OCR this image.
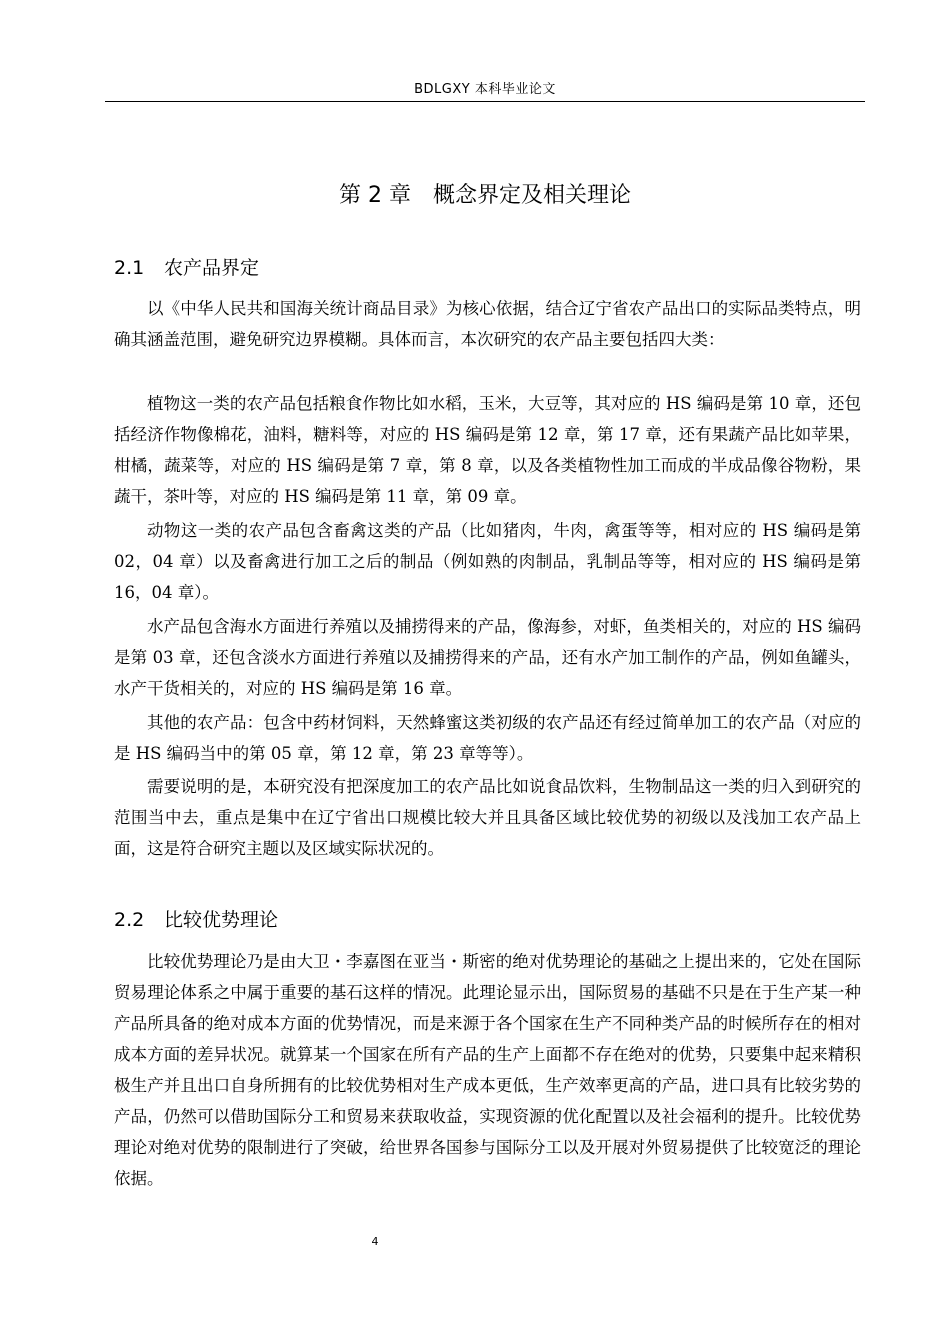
BDLGXY 本科毕业论文
第 2 章　概念界定及相关理论
2.1 农产品界定

以《中华人民共和国海关统计商品目录》为核心依据，结合辽宁省农产品出口的实际品类特点，明确其涵盖范围，避免研究边界模糊。具体而言，本次研究的农产品主要包括四大类：

植物这一类的农产品包括粮食作物比如水稻，玉米，大豆等，其对应的 HS 编码是第 10 章，还包括经济作物像棉花，油料，糖料等，对应的 HS 编码是第 12 章，第 17 章，还有果蔬产品比如苹果，柑橘，蔬菜等，对应的 HS 编码是第 7 章，第 8 章，以及各类植物性加工而成的半成品像谷物粉，果蔬干，茶叶等，对应的 HS 编码是第 11 章，第 09 章。

动物这一类的农产品包含畜禽这类的产品（比如猪肉，牛肉，禽蛋等等，相对应的 HS 编码是第 02，04 章）以及畜禽进行加工之后的制品（例如熟的肉制品，乳制品等等，相对应的 HS 编码是第 16，04 章）。

水产品包含海水方面进行养殖以及捕捞得来的产品，像海参，对虾，鱼类相关的，对应的 HS 编码是第 03 章，还包含淡水方面进行养殖以及捕捞得来的产品，还有水产加工制作的产品，例如鱼罐头，水产干货相关的，对应的 HS 编码是第 16 章。

其他的农产品：包含中药材饲料，天然蜂蜜这类初级的农产品还有经过简单加工的农产品（对应的是 HS 编码当中的第 05 章，第 12 章，第 23 章等等）。

需要说明的是，本研究没有把深度加工的农产品比如说食品饮料，生物制品这一类的归入到研究的范围当中去，重点是集中在辽宁省出口规模比较大并且具备区域比较优势的初级以及浅加工农产品上面，这是符合研究主题以及区域实际状况的。

2.2 比较优势理论

比较优势理论乃是由大卫・李嘉图在亚当・斯密的绝对优势理论的基础之上提出来的，它处在国际贸易理论体系之中属于重要的基石这样的情况。此理论显示出，国际贸易的基础不只是在于生产某一种产品所具备的绝对成本方面的优势情况，而是来源于各个国家在生产不同种类产品的时候所存在的相对成本方面的差异状况。就算某一个国家在所有产品的生产上面都不存在绝对的优势，只要集中起来精积极生产并且出口自身所拥有的比较优势相对生产成本更低，生产效率更高的产品，进口具有比较劣势的产品，仍然可以借助国际分工和贸易来获取收益，实现资源的优化配置以及社会福利的提升。比较优势理论对绝对优势的限制进行了突破，给世界各国参与国际分工以及开展对外贸易提供了比较宽泛的理论依据。

4
